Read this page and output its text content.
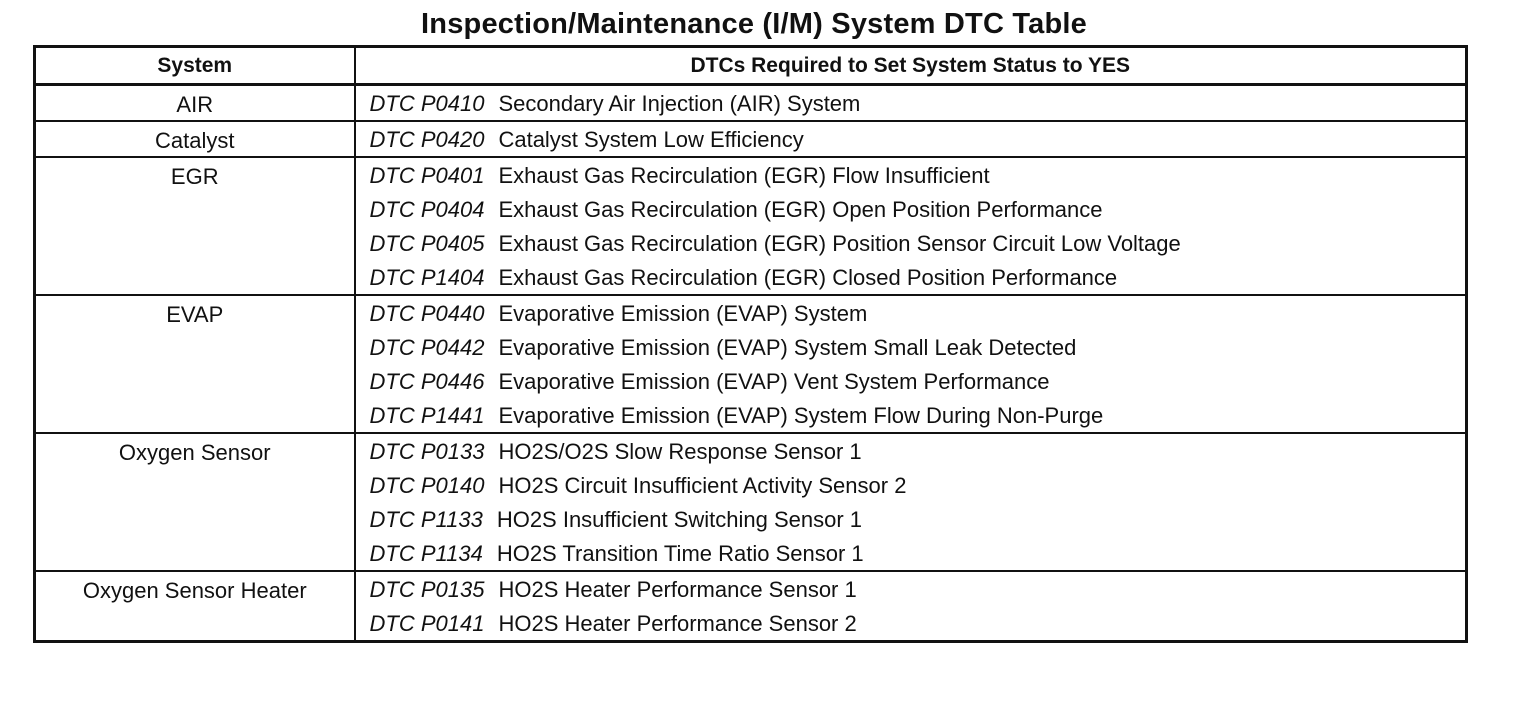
Inspection/Maintenance (I/M) System DTC Table
System	DTCs Required to Set System Status to YES
AIR	DTC P0410 Secondary Air Injection (AIR) System

Catalyst	DTC P0420 Catalyst System Low Efficiency

EGR	DTC P0401 Exhaust Gas Recirculation (EGR) Flow Insufficient
DTC P0404 Exhaust Gas Recirculation (EGR) Open Position Performance
DTC P0405 Exhaust Gas Recirculation (EGR) Position Sensor Circuit Low Voltage
DTC P1404 Exhaust Gas Recirculation (EGR) Closed Position Performance

EVAP	DTC P0440 Evaporative Emission (EVAP) System
DTC P0442 Evaporative Emission (EVAP) System Small Leak Detected
DTC P0446 Evaporative Emission (EVAP) Vent System Performance
DTC P1441 Evaporative Emission (EVAP) System Flow During Non-Purge

Oxygen Sensor	DTC P0133 HO2S/O2S Slow Response Sensor 1
DTC P0140 HO2S Circuit Insufficient Activity Sensor 2
DTC P1133 HO2S Insufficient Switching Sensor 1
DTC P1134 HO2S Transition Time Ratio Sensor 1

Oxygen Sensor Heater	DTC P0135 HO2S Heater Performance Sensor 1
DTC P0141 HO2S Heater Performance Sensor 2
